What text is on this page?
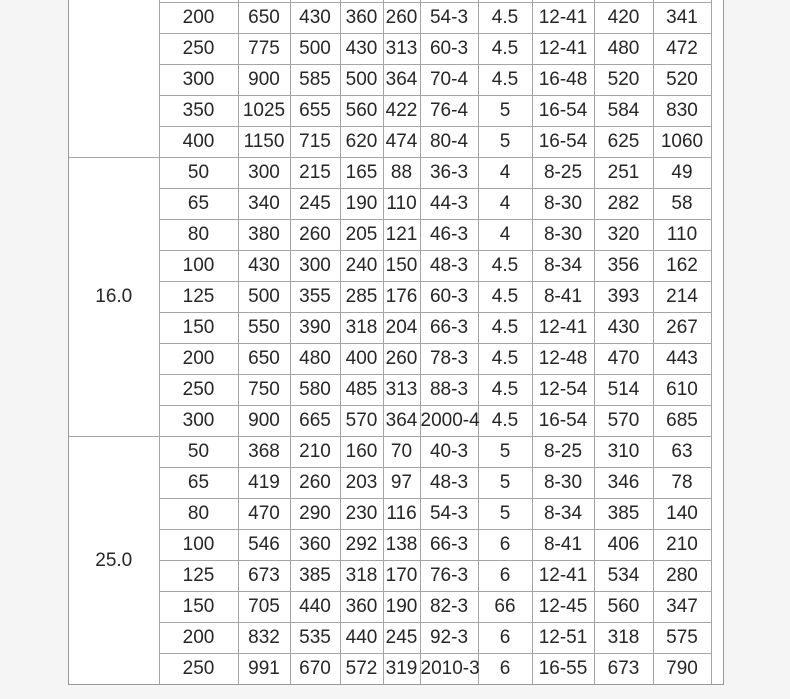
	200	650	430	360	260	54-3	4.5	12-41	420	341	
	250	775	500	430	313	60-3	4.5	12-41	480	472	
	300	900	585	500	364	70-4	4.5	16-48	520	520	
	350	1025	655	560	422	76-4	5	16-54	584	830	
	400	1150	715	620	474	80-4	5	16-54	625	1060	
16.0	50	300	215	165	88	36-3	4	8-25	251	49	
	65	340	245	190	110	44-3	4	8-30	282	58	
	80	380	260	205	121	46-3	4	8-30	320	110	
	100	430	300	240	150	48-3	4.5	8-34	356	162	
	125	500	355	285	176	60-3	4.5	8-41	393	214	
	150	550	390	318	204	66-3	4.5	12-41	430	267	
	200	650	480	400	260	78-3	4.5	12-48	470	443	
	250	750	580	485	313	88-3	4.5	12-54	514	610	
	300	900	665	570	364	2000-4	4.5	16-54	570	685	
25.0	50	368	210	160	70	40-3	5	8-25	310	63	
	65	419	260	203	97	48-3	5	8-30	346	78	
	80	470	290	230	116	54-3	5	8-34	385	140	
	100	546	360	292	138	66-3	6	8-41	406	210	
	125	673	385	318	170	76-3	6	12-41	534	280	
	150	705	440	360	190	82-3	66	12-45	560	347	
	200	832	535	440	245	92-3	6	12-51	318	575	
	250	991	670	572	319	2010-3	6	16-55	673	790	
